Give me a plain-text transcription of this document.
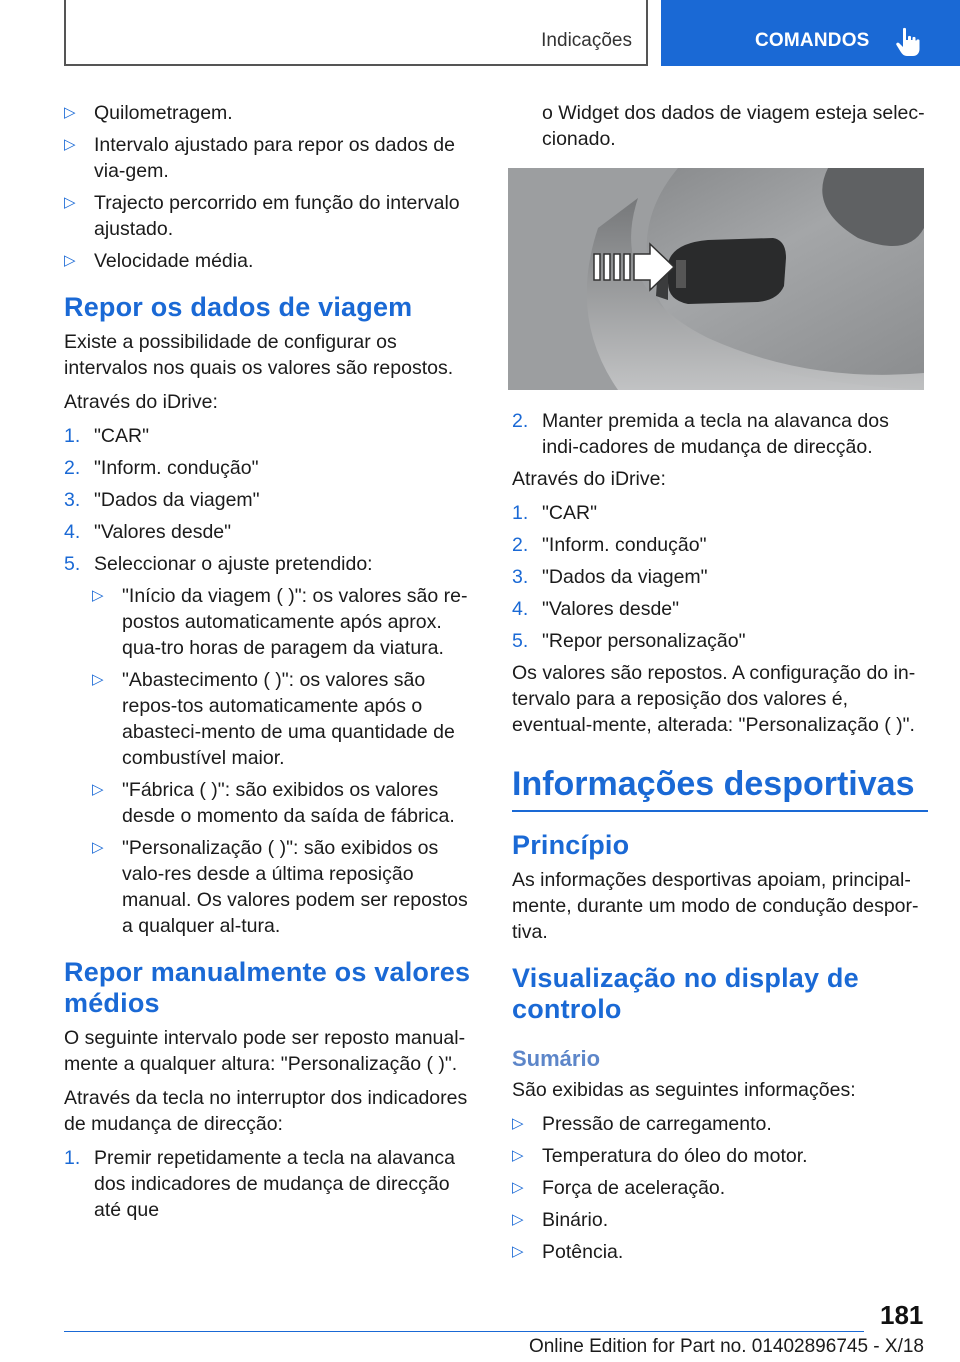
Indicações	COMANDOS
▷ Quilometragem.
▷ Intervalo ajustado para repor os dados de via-gem.
▷ Trajecto percorrido em função do intervalo ajustado.
▷ Velocidade média.
Repor os dados de viagem
Existe a possibilidade de configurar os intervalos nos quais os valores são repostos.
Através do iDrive:
1. "CAR"
2. "Inform. condução"
3. "Dados da viagem"
4. "Valores desde"
5. Seleccionar o ajuste pretendido:
▷ "Início da viagem ( )": os valores são re-postos automaticamente após aprox. qua-tro horas de paragem da viatura.
▷ "Abastecimento ( )": os valores são repos-tos automaticamente após o abasteci-mento de uma quantidade de combustível maior.
▷ "Fábrica ( )": são exibidos os valores desde o momento da saída de fábrica.
▷ "Personalização ( )": são exibidos os valo-res desde a última reposição manual. Os valores podem ser repostos a qualquer al-tura.
Repor manualmente os valores médios
O seguinte intervalo pode ser reposto manual-mente a qualquer altura: "Personalização ( )".
Através da tecla no interruptor dos indicadores de mudança de direcção:
1. Premir repetidamente a tecla na alavanca dos indicadores de mudança de direcção até que
o Widget dos dados de viagem esteja selec-cionado.
2. Manter premida a tecla na alavanca dos indi-cadores de mudança de direcção.
Através do iDrive:
1. "CAR"
2. "Inform. condução"
3. "Dados da viagem"
4. "Valores desde"
5. "Repor personalização"
Os valores são repostos. A configuração do in-tervalo para a reposição dos valores é, eventual-mente, alterada: "Personalização ( )".
Informações desportivas
Princípio
As informações desportivas apoiam, principal-mente, durante um modo de condução despor-tiva.
Visualização no display de controlo
Sumário
São exibidas as seguintes informações:
▷ Pressão de carregamento.
▷ Temperatura do óleo do motor.
▷ Força de aceleração.
▷ Binário.
▷ Potência.
181
Online Edition for Part no. 01402896745 - X/18
